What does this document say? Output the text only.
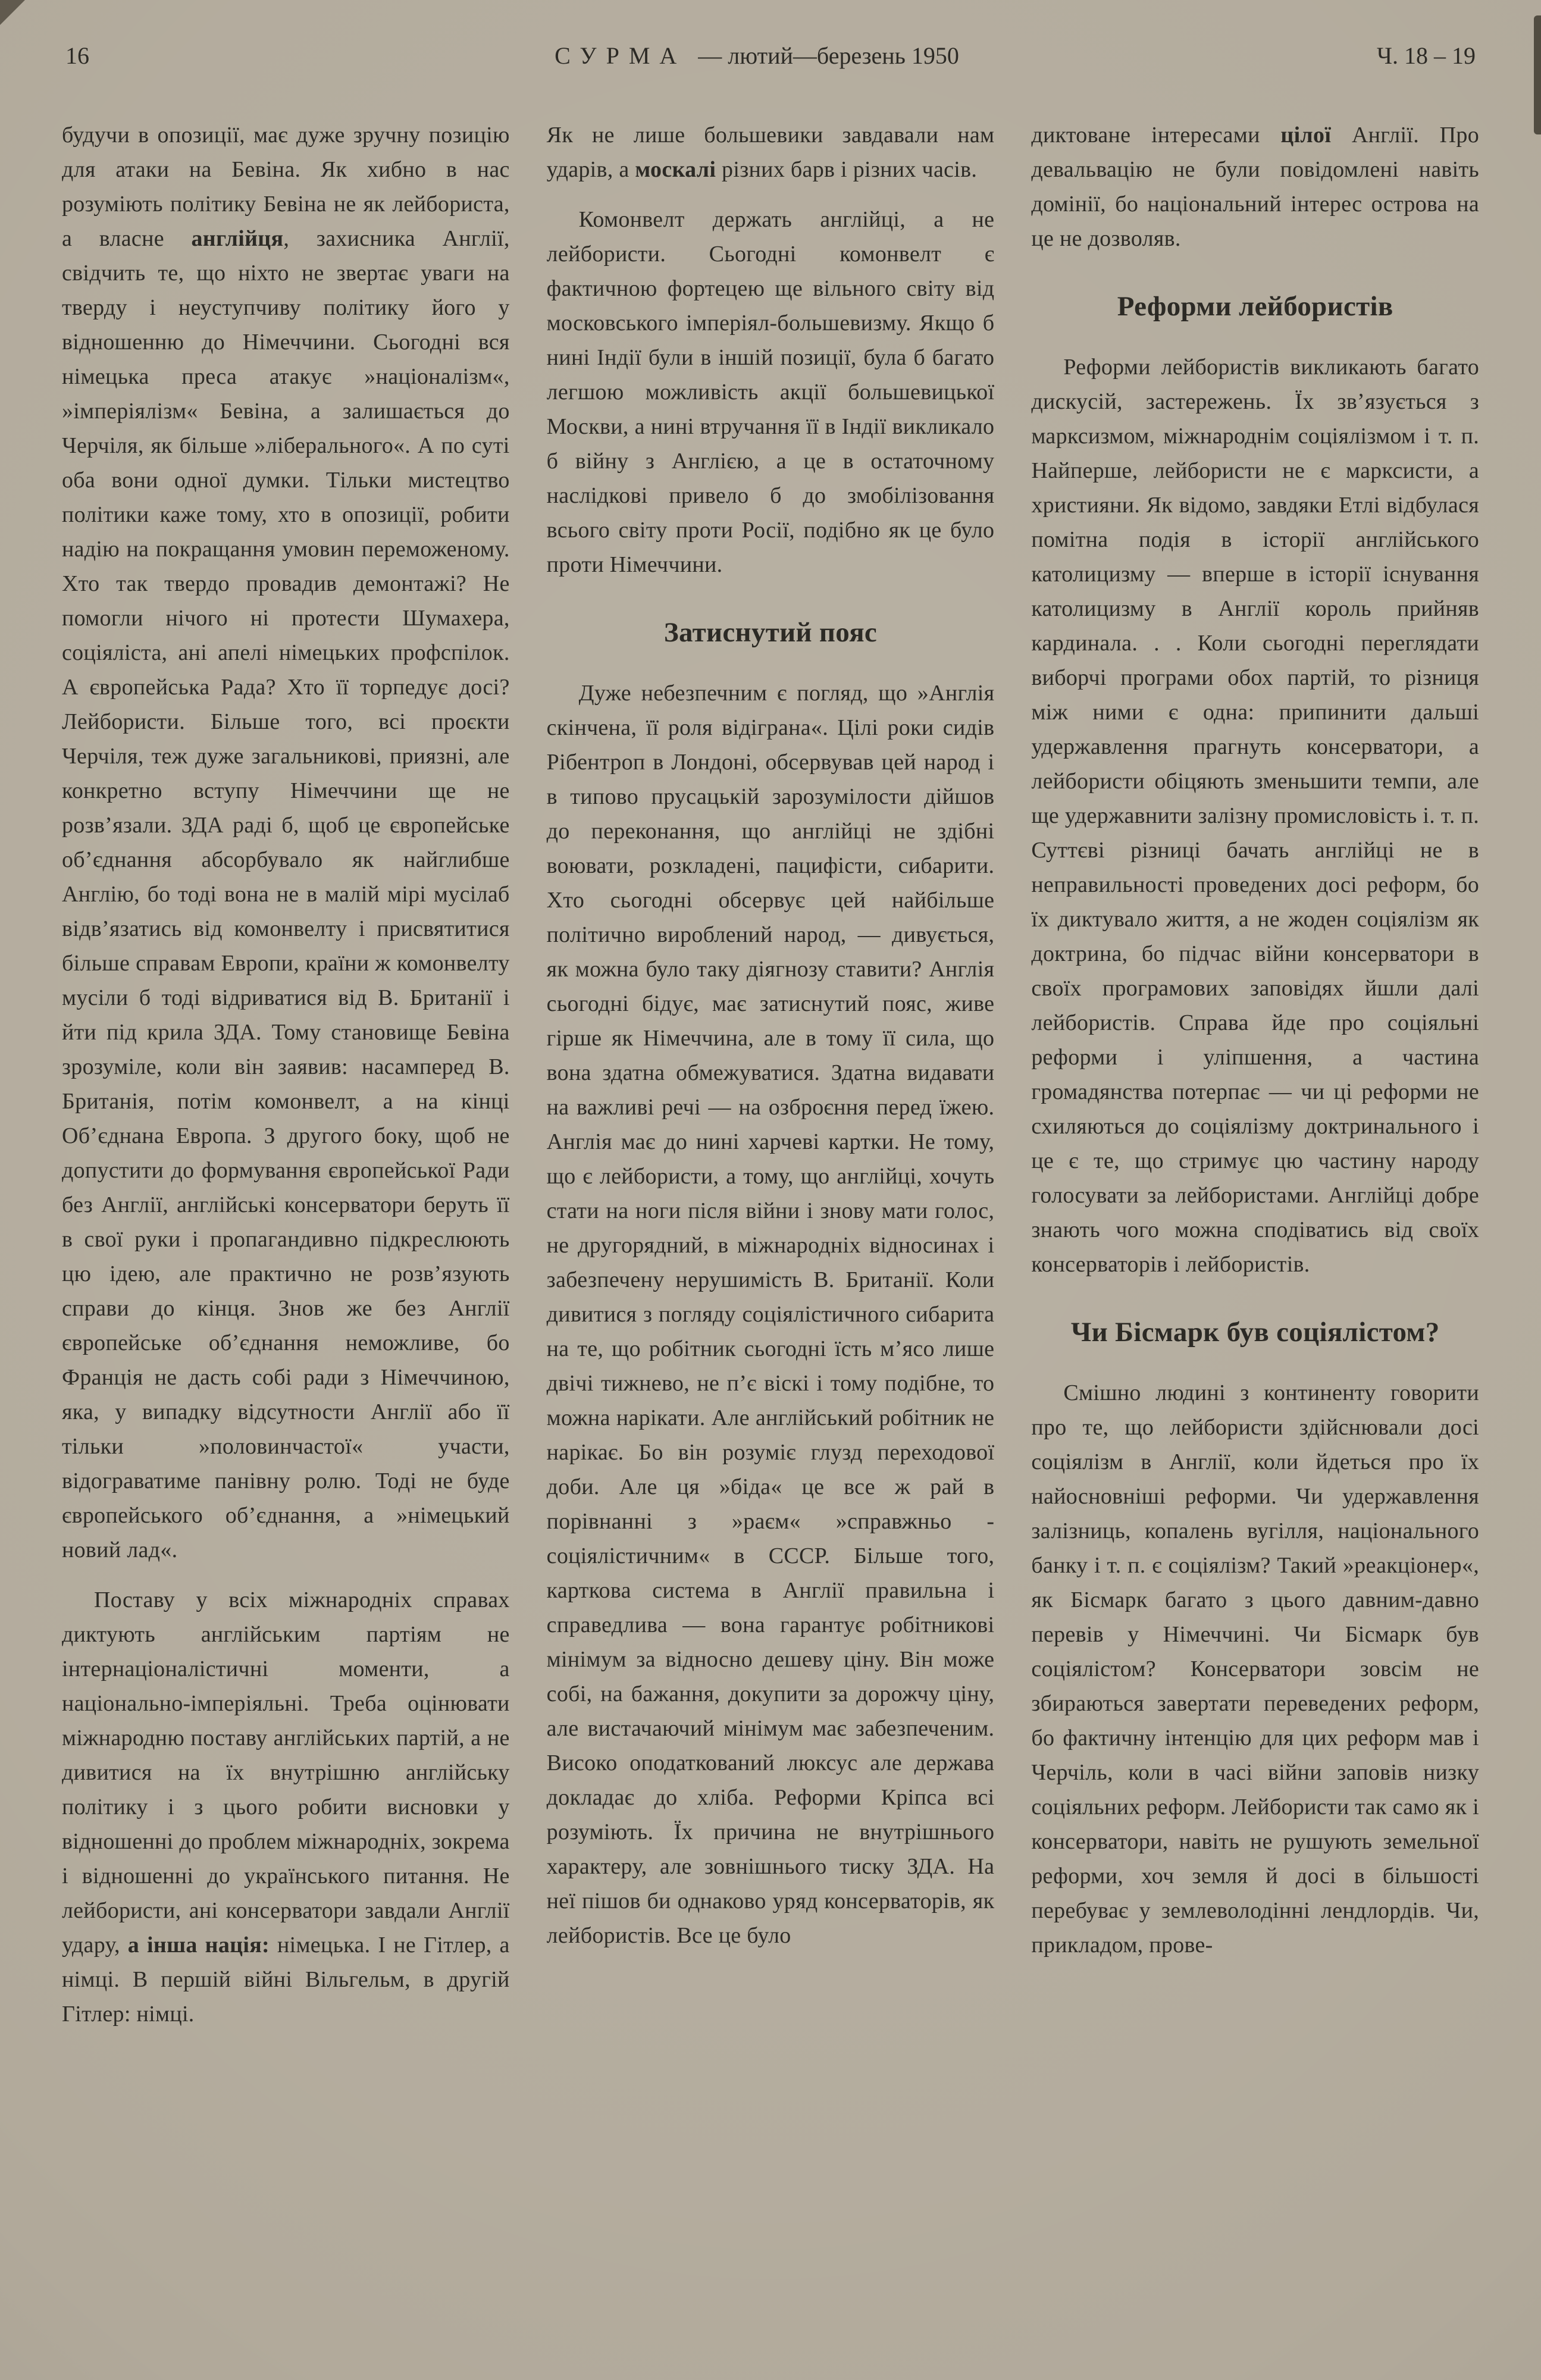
16	СУРМА — лютий—березень 1950	Ч. 18 – 19

будучи в опозиції, має дуже зручну позицію для атаки на Бевіна. Як хибно в нас розуміють політику Бевіна не як лейбориста, а власне англійця, захисника Англії, свідчить те, що ніхто не звертає уваги на тверду і неуступчиву політику його у відношенню до Німеччини. Сьогодні вся німецька преса атакує »націоналізм«, »імперіялізм« Бевіна, а залишається до Черчіля, як більше »ліберального«. А по суті оба вони одної думки. Тільки мистецтво політики каже тому, хто в опозиції, робити надію на покращання умовин переможеному. Хто так твердо провадив демонтажі? Не помогли нічого ні протести Шумахера, соціяліста, ані апелі німецьких профспілок. А європейська Рада? Хто її торпедує досі? Лейбористи. Більше того, всі проєкти Черчіля, теж дуже загальникові, приязні, але конкретно вступу Німеччини ще не розв’язали. ЗДА раді б, щоб це європейське об’єднання абсорбувало як найглибше Англію, бо тоді вона не в малій мірі мусілаб відв’язатись від комонвелту і присвятитися більше справам Европи, країни ж комонвелту мусіли б тоді відриватися від В. Британії і йти під крила ЗДА. Тому становище Бевіна зрозуміле, коли він заявив: насамперед В. Британія, потім комонвелт, а на кінці Об’єднана Европа. З другого боку, щоб не допустити до формування європейської Ради без Англії, англійські консерватори беруть її в свої руки і пропагандивно підкреслюють цю ідею, але практично не розв’язують справи до кінця. Знов же без Англії європейське об’єднання неможливе, бо Франція не дасть собі ради з Німеччиною, яка, у випадку відсутности Англії або її тільки »половинчастої« участи, відограватиме панівну ролю. Тоді не буде європейського об’єднання, а »німецький новий лад«.

Поставу у всіх міжнародніх справах диктують англійським партіям не інтернаціоналістичні моменти, а національно-імперіяльні. Треба оцінювати міжнародню поставу англійських партій, а не дивитися на їх внутрішню англійську політику і з цього робити висновки у відношенні до проблем міжнародніх, зокрема і відношенні до українського питання. Не лейбористи, ані консерватори завдали Англії удару, а інша нація: німецька. І не Гітлер, а німці. В першій війні Вільгельм, в другій Гітлер: німці.

Як не лише большевики завдавали нам ударів, а москалі різних барв і різних часів.

Комонвелт держать англійці, а не лейбористи. Сьогодні комонвелт є фактичною фортецею ще вільного світу від московського імперіял-большевизму. Якщо б нині Індії були в іншій позиції, була б багато легшою можливість акції большевицької Москви, а нині втручання її в Індії викликало б війну з Англією, а це в остаточному наслідкові привело б до змобілізовання всього світу проти Росії, подібно як це було проти Німеччини.

Затиснутий пояс

Дуже небезпечним є погляд, що »Англія скінчена, її роля відіграна«. Цілі роки сидів Рібентроп в Лондоні, обсервував цей народ і в типово прусацькій зарозумілости дійшов до переконання, що англійці не здібні воювати, розкладені, пацифісти, сибарити. Хто сьогодні обсервує цей найбільше політично вироблений народ, — дивується, як можна було таку діягнозу ставити? Англія сьогодні бідує, має затиснутий пояс, живе гірше як Німеччина, але в тому її сила, що вона здатна обмежуватися. Здатна видавати на важливі речі — на озброєння перед їжею. Англія має до нині харчеві картки. Не тому, що є лейбористи, а тому, що англійці, хочуть стати на ноги після війни і знову мати голос, не другорядний, в міжнародніх відносинах і забезпечену нерушимість В. Британії. Коли дивитися з погляду соціялістичного сибарита на те, що робітник сьогодні їсть м’ясо лише двічі тижнево, не п’є віскі і тому подібне, то можна нарікати. Але англійський робітник не нарікає. Бо він розуміє глузд переходової доби. Але ця »біда« це все ж рай в порівнанні з »раєм« »справжньо - соціялістичним« в СССР. Більше того, карткова система в Англії правильна і справедлива — вона гарантує робітникові мінімум за відносно дешеву ціну. Він може собі, на бажання, докупити за дорожчу ціну, але вистачаючий мінімум має забезпеченим. Високо оподаткований люксус але держава докладає до хліба. Реформи Кріпса всі розуміють. Їх причина не внутрішнього характеру, але зовнішнього тиску ЗДА. На неї пішов би однаково уряд консерваторів, як лейбористів. Все це було

диктоване інтересами цілої Англії. Про девальвацію не були повідомлені навіть домінії, бо національний інтерес острова на це не дозволяв.

Реформи лейбористів

Реформи лейбористів викликають багато дискусій, застережень. Їх зв’язується з марксизмом, міжнароднім соціялізмом і т. п. Найперше, лейбористи не є марксисти, а християни. Як відомо, завдяки Етлі відбулася помітна подія в історії англійського католицизму — вперше в історії існування католицизму в Англії король прийняв кардинала. . . Коли сьогодні переглядати виборчі програми обох партій, то різниця між ними є одна: припинити дальші удержавлення прагнуть консерватори, а лейбористи обіцяють зменьшити темпи, але ще удержавнити залізну промисловість і. т. п. Суттєві різниці бачать англійці не в неправильності проведених досі реформ, бо їх диктувало життя, а не жоден соціялізм як доктрина, бо підчас війни консерватори в своїх програмових заповідях йшли далі лейбористів. Справа йде про соціяльні реформи і уліпшення, а частина громадянства потерпає — чи ці реформи не схиляються до соціялізму доктринального і це є те, що стримує цю частину народу голосувати за лейбористами. Англійці добре знають чого можна сподіватись від своїх консерваторів і лейбористів.

Чи Бісмарк був соціялістом?

Смішно людині з континенту говорити про те, що лейбористи здійснювали досі соціялізм в Англії, коли йдеться про їх найосновніші реформи. Чи удержавлення залізниць, копалень вугілля, національного банку і т. п. є соціялізм? Такий »реакціонер«, як Бісмарк багато з цього давним-давно перевів у Німеччині. Чи Бісмарк був соціялістом? Консерватори зовсім не збираються завертати переведених реформ, бо фактичну інтенцію для цих реформ мав і Черчіль, коли в часі війни заповів низку соціяльних реформ. Лейбористи так само як і консерватори, навіть не рушують земельної реформи, хоч земля й досі в більшості перебуває у землеволодінні лендлордів. Чи, прикладом, прове-
